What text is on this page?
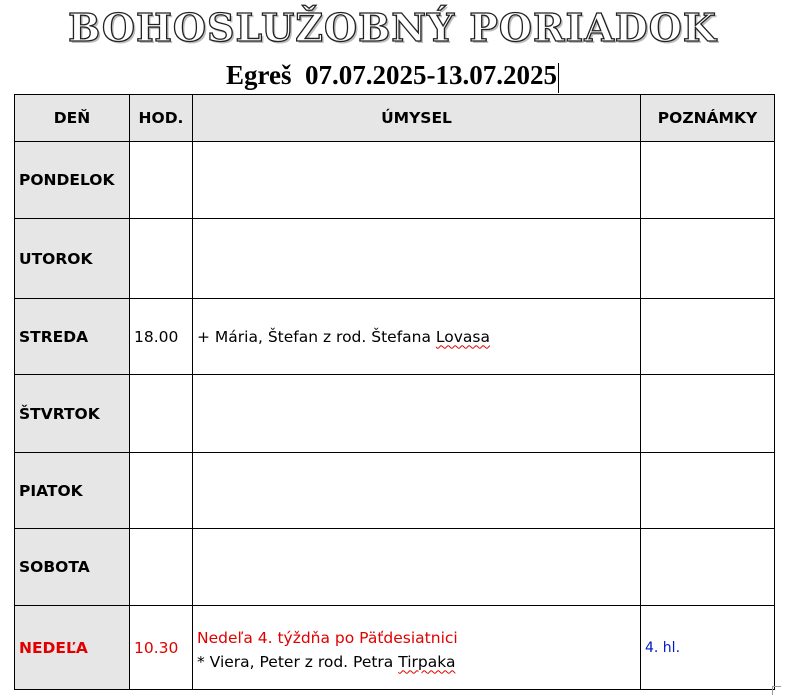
BOHOSLUŽOBNÝ PORIADOK
Egreš  07.07.2025-13.07.2025
DEŇ	HOD.	ÚMYSEL	POZNÁMKY
PONDELOK			
UTOROK			
STREDA	18.00	+ Mária, Štefan z rod. Štefana Lovasa	
ŠTVRTOK			
PIATOK			
SOBOTA			
NEDEĽA	10.30	Nedeľa 4. týždňa po Päťdesiatnici
* Viera, Peter z rod. Petra Tirpaka	4. hl.
